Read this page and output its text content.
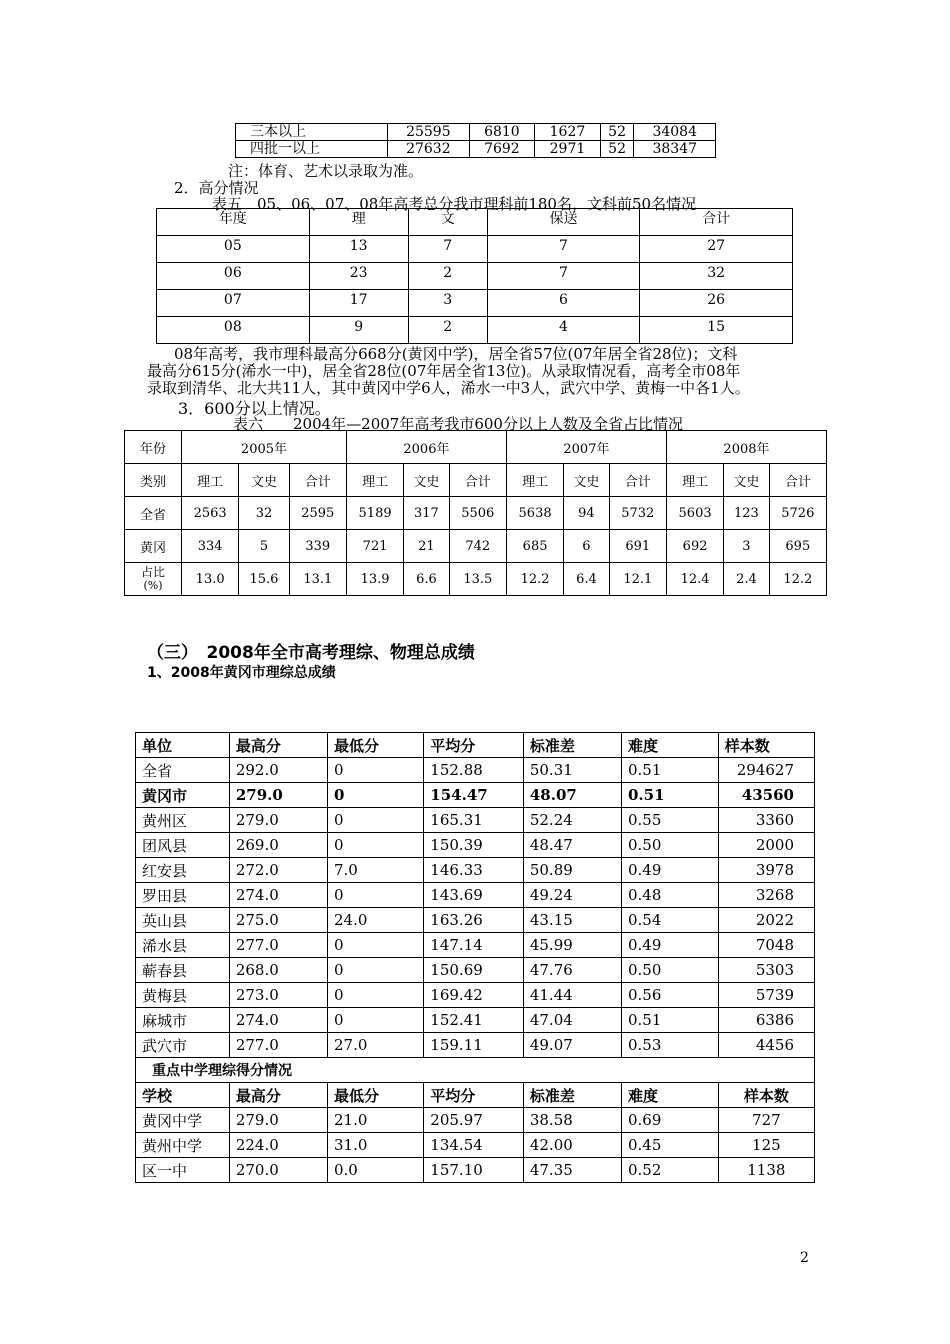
三本以上	25595	6810	1627	52	34084
四批一以上	27632	7692	2971	52	38347
注：体育、艺术以录取为准。
2．高分情况
表五　05、06、07、08年高考总分我市理科前180名，文科前50名情况
年度	理	文	保送	合计
05	13	7	7	27
06	23	2	7	32
07	17	3	6	26
08	9	2	4	15
08年高考，我市理科最高分668分(黄冈中学)，居全省57位(07年居全省28位)；文科
最高分615分(浠水一中)，居全省28位(07年居全省13位)。从录取情况看，高考全市08年
录取到清华、北大共11人，其中黄冈中学6人，浠水一中3人，武穴中学、黄梅一中各1人。
3．600分以上情况。
表六　　2004年—2007年高考我市600分以上人数及全省占比情况
年份	2005年			2006年			2007年			2008年		
类别	理工	文史	合计	理工	文史	合计	理工	文史	合计	理工	文史	合计
全省	2563	32	2595	5189	317	5506	5638	94	5732	5603	123	5726
黄冈	334	5	339	721	21	742	685	6	691	692	3	695

占比
(%)	13.0	15.6	13.1	13.9	6.6	13.5	12.2	6.4	12.1	12.4	2.4	12.2
（三）　2008年全市高考理综、物理总成绩
1、2008年黄冈市理综总成绩
单位	最高分	最低分	平均分	标准差	难度	样本数
全省	292.0	0	152.88	50.31	0.51	294627
黄冈市	279.0	0	154.47	48.07	0.51	43560
黄州区	279.0	0	165.31	52.24	0.55	3360
团风县	269.0	0	150.39	48.47	0.50	2000
红安县	272.0	7.0	146.33	50.89	0.49	3978
罗田县	274.0	0	143.69	49.24	0.48	3268
英山县	275.0	24.0	163.26	43.15	0.54	2022
浠水县	277.0	0	147.14	45.99	0.49	7048
蕲春县	268.0	0	150.69	47.76	0.50	5303
黄梅县	273.0	0	169.42	41.44	0.56	5739
麻城市	274.0	0	152.41	47.04	0.51	6386
武穴市	277.0	27.0	159.11	49.07	0.53	4456
重点中学理综得分情况						
学校	最高分	最低分	平均分	标准差	难度	样本数
黄冈中学	279.0	21.0	205.97	38.58	0.69	727
黄州中学	224.0	31.0	134.54	42.00	0.45	125
区一中	270.0	0.0	157.10	47.35	0.52	1138
2
